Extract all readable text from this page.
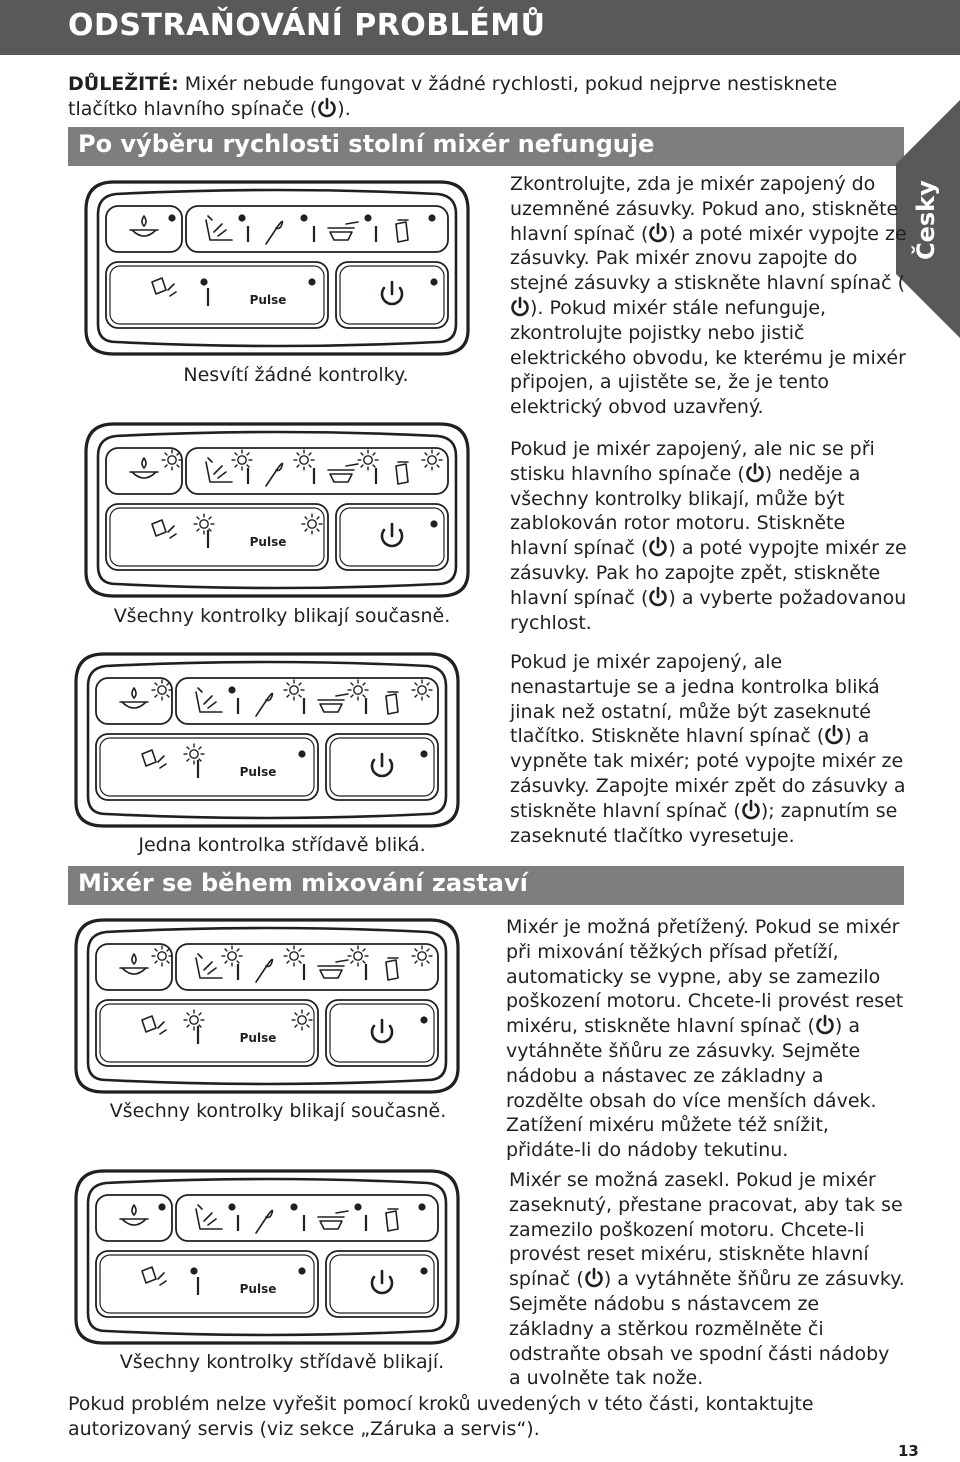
ODSTRAŇOVÁNÍ PROBLÉMŮ
DŮLEŽITÉ: Mixér nebude fungovat v žádné rychlosti, pokud nejprve nestisknete tlačítko hlavního spínače ( ).
Po výběru rychlosti stolní mixér nefunguje
Česky
Pulse
Nesvítí žádné kontrolky.
Zkontrolujte, zda je mixér zapojený do uzemněné zásuvky. Pokud ano, stiskněte hlavní spínač ( ) a poté mixér vypojte ze zásuvky. Pak mixér znovu zapojte do stejné zásuvky a stiskněte hlavní spínač (). Pokud mixér stále nefunguje, zkontrolujte pojistky nebo jistič elektrického obvodu, ke kterému je mixér připojen, a ujistěte se, že je tento elektrický obvod uzavřený.
Pulse
Všechny kontrolky blikají současně.
Pokud je mixér zapojený, ale nic se při stisku hlavního spínače ( ) neděje a všechny kontrolky blikají, může být zablokován rotor motoru. Stiskněte hlavní spínač ( ) a poté vypojte mixér ze zásuvky. Pak ho zapojte zpět, stiskněte hlavní spínač ( ) a vyberte požadovanou rychlost.
Pulse
Jedna kontrolka střídavě bliká.
Pokud je mixér zapojený, ale nenastartuje se a jedna kontrolka bliká jinak než ostatní, může být zaseknuté tlačítko. Stiskněte hlavní spínač ( ) a vypněte tak mixér; poté vypojte mixér ze zásuvky. Zapojte mixér zpět do zásuvky a stiskněte hlavní spínač ( ); zapnutím se zaseknuté tlačítko vyresetuje.
Mixér se během mixování zastaví
Pulse
Všechny kontrolky blikají současně.
Mixér je možná přetížený. Pokud se mixér při mixování těžkých přísad přetíží, automaticky se vypne, aby se zamezilo poškození motoru. Chcete-li provést reset mixéru, stiskněte hlavní spínač ( ) a vytáhněte šňůru ze zásuvky. Sejměte nádobu a nástavec ze základny a rozdělte obsah do více menších dávek. Zatížení mixéru můžete též snížit, přidáte-li do nádoby tekutinu.
Pulse
Všechny kontrolky střídavě blikají.
Mixér se možná zasekl. Pokud je mixér zaseknutý, přestane pracovat, aby tak se zamezilo poškození motoru. Chcete-li provést reset mixéru, stiskněte hlavní spínač ( ) a vytáhněte šňůru ze zásuvky. Sejměte nádobu s nástavcem ze základny a stěrkou rozmělněte či odstraňte obsah ve spodní části nádoby a uvolněte tak nože.
Pokud problém nelze vyřešit pomocí kroků uvedených v této části, kontaktujte autorizovaný servis (viz sekce „Záruka a servis“).
13
